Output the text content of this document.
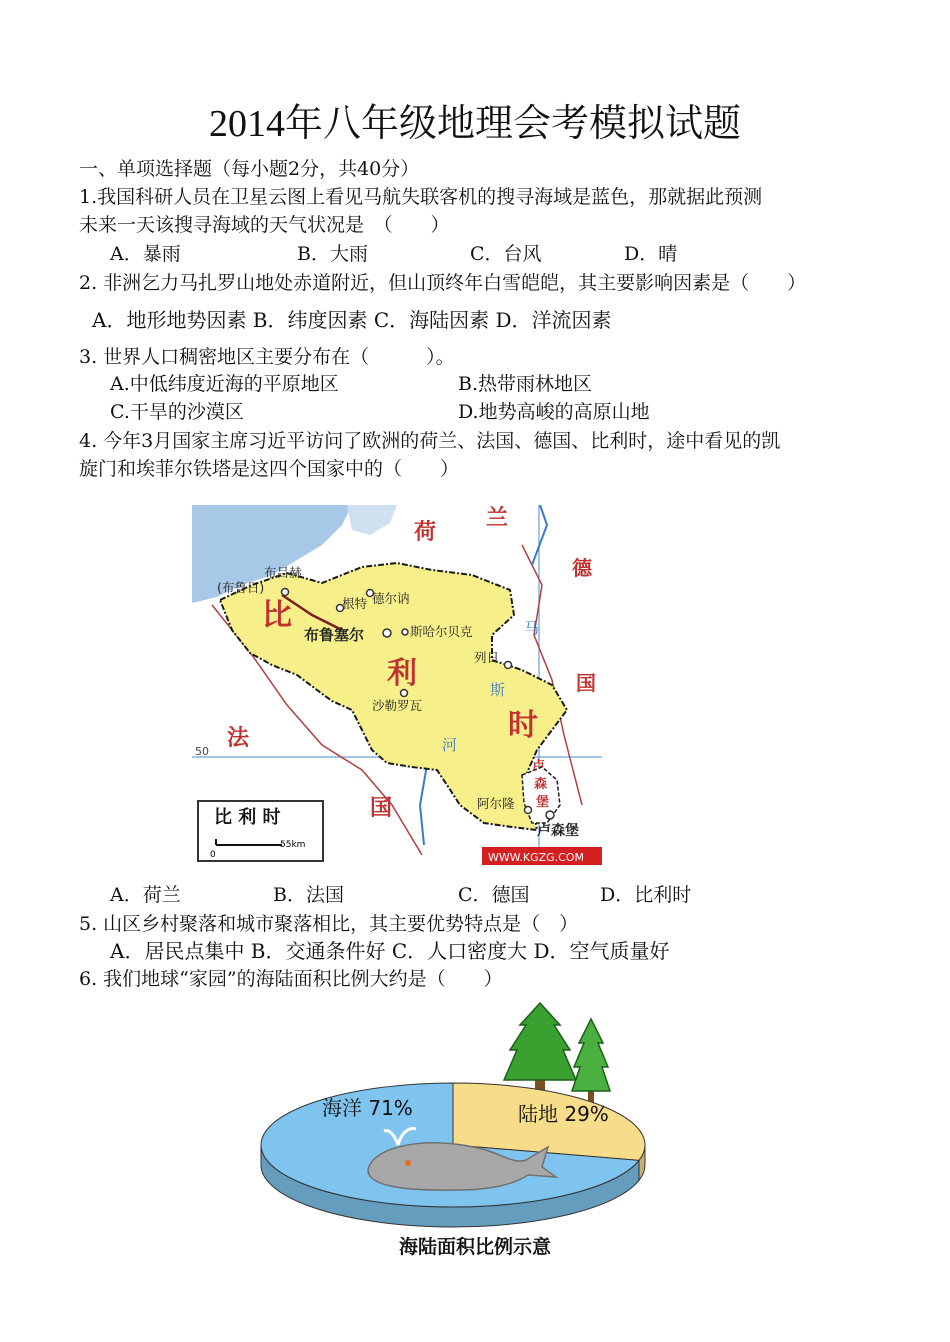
2014年八年级地理会考模拟试题
一、单项选择题（每小题2分，共40分）
1.我国科研人员在卫星云图上看见马航失联客机的搜寻海域是蓝色，那就据此预测
未来一天该搜寻海域的天气状况是　（　　）
A．暴雨	B．大雨	C．台风	D．晴
2. 非洲乞力马扎罗山地处赤道附近，但山顶终年白雪皑皑，其主要影响因素是（　　）
A．地形地势因素 B．纬度因素 C．海陆因素 D．洋流因素
3. 世界人口稠密地区主要分布在（　　　）。
A.中低纬度近海的平原地区	B.热带雨林地区
C.干旱的沙漠区	D.地势高峻的高原山地
4. 今年3月国家主席习近平访问了欧洲的荷兰、法国、德国、比利时，途中看见的凯
旋门和埃菲尔铁塔是这四个国家中的（　　）
荷
兰
德
国
法
国
比
利
时
卢
森
堡
马
斯
河
布吕赫
(布鲁日)
根特 德尔讷
布鲁塞尔	斯哈尔贝克
列日
沙勒罗瓦
阿尔隆
卢森堡
50
比 利 时
0
55km
WWW.KGZG.COM
A．荷兰	B．法国	C．德国	D．比利时
5. 山区乡村聚落和城市聚落相比，其主要优势特点是（　）
A．居民点集中 B．交通条件好 C．人口密度大 D．空气质量好
6. 我们地球“家园”的海陆面积比例大约是（　　）
海洋 71%	陆地 29%
海陆面积比例示意
